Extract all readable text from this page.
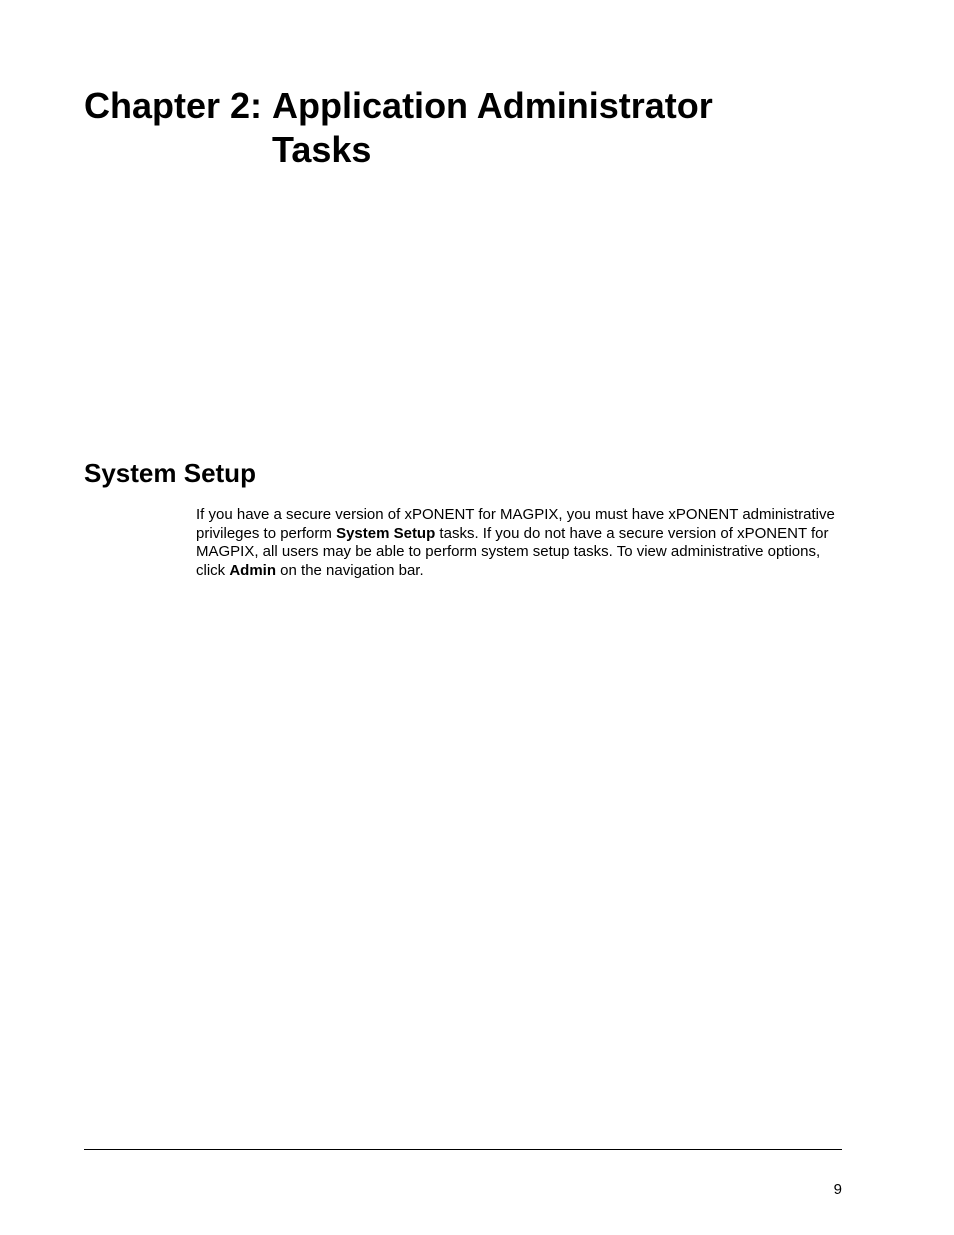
Chapter 2: Application Administrator Tasks
System Setup

If you have a secure version of xPONENT for MAGPIX, you must have xPONENT administrative privileges to perform System Setup tasks. If you do not have a secure version of xPONENT for MAGPIX, all users may be able to perform system setup tasks. To view administrative options, click Admin on the navigation bar.

9
